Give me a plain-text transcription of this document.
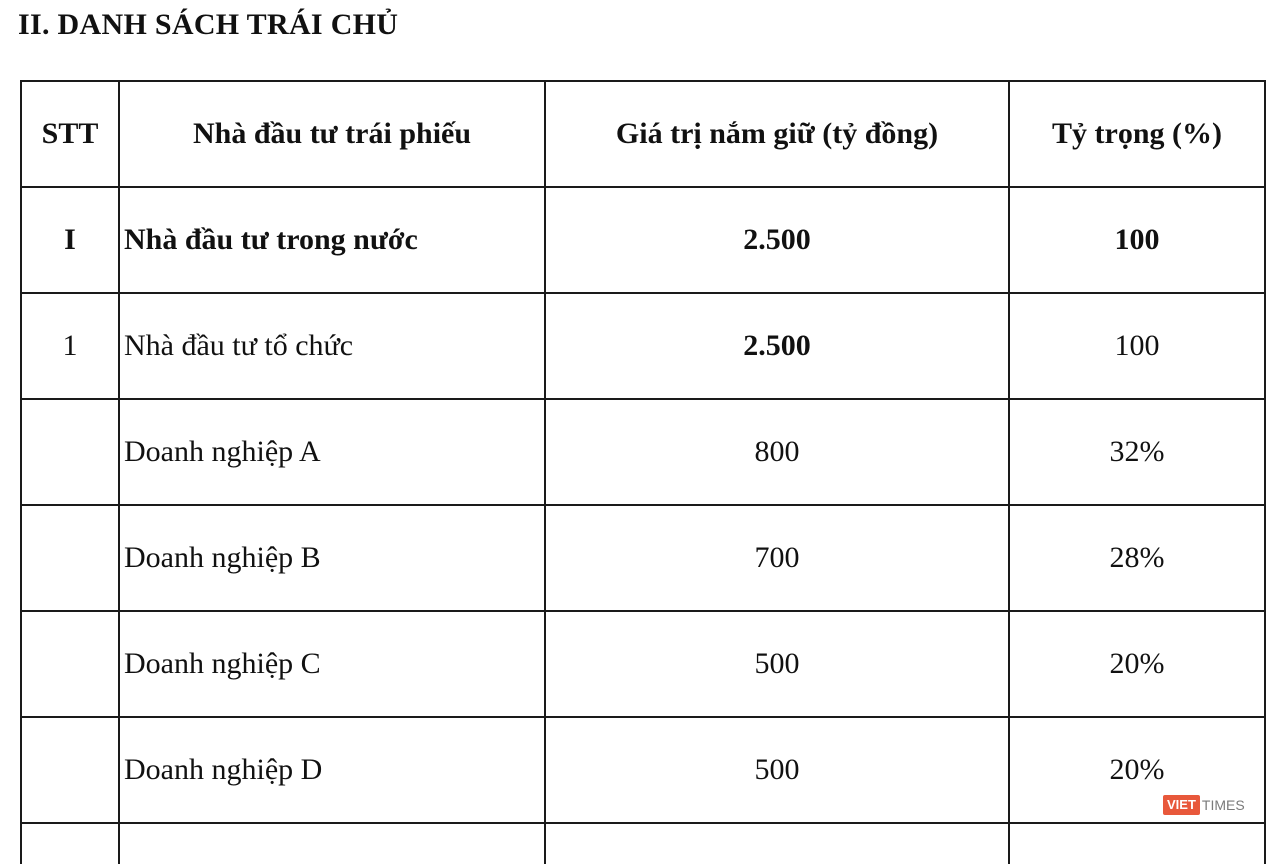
II. DANH SÁCH TRÁI CHỦ
STT	Nhà đầu tư trái phiếu	Giá trị nắm giữ (tỷ đồng)	Tỷ trọng (%)
I	Nhà đầu tư trong nước	2.500	100
1	Nhà đầu tư tổ chức	2.500	100
	Doanh nghiệp A	800	32%
	Doanh nghiệp B	700	28%
	Doanh nghiệp C	500	20%
	Doanh nghiệp D	500	20%

VIET TIMES
